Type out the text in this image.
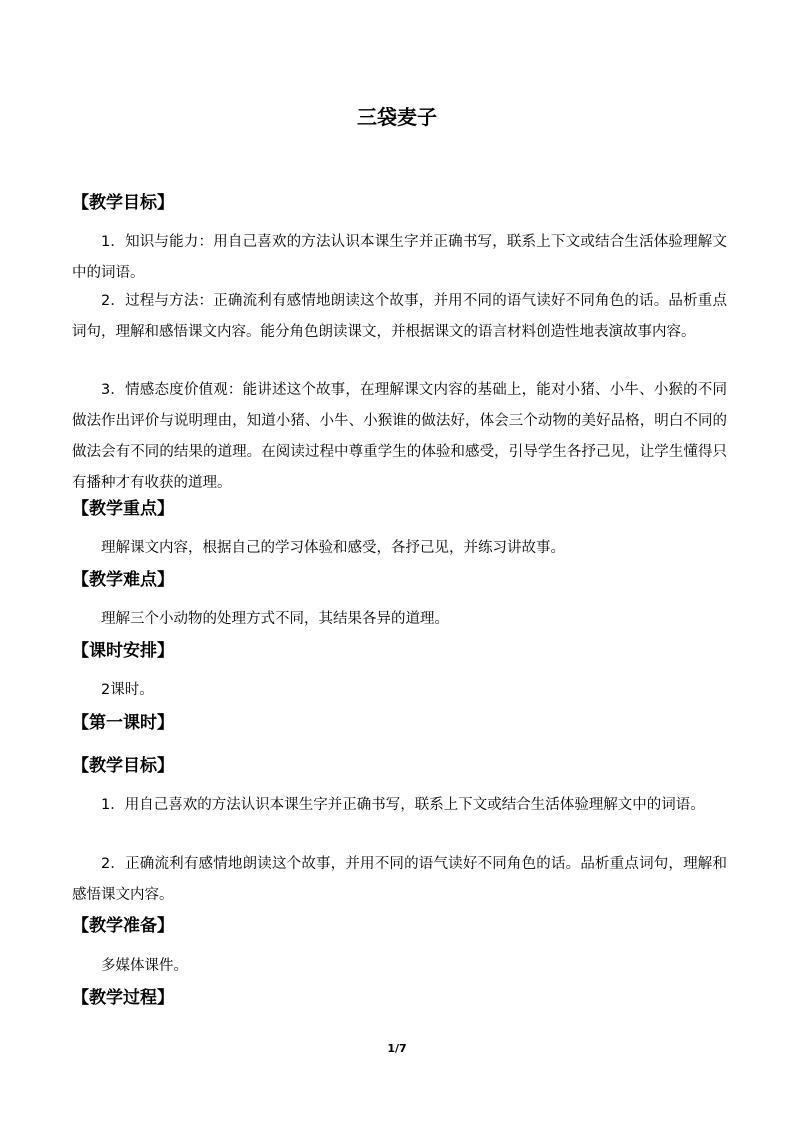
三袋麦子
【教学目标】
1．知识与能力：用自己喜欢的方法认识本课生字并正确书写，联系上下文或结合生活体验理解文中的词语。
2．过程与方法：正确流利有感情地朗读这个故事，并用不同的语气读好不同角色的话。品析重点词句，理解和感悟课文内容。能分角色朗读课文，并根据课文的语言材料创造性地表演故事内容。
3．情感态度价值观：能讲述这个故事，在理解课文内容的基础上，能对小猪、小牛、小猴的不同做法作出评价与说明理由，知道小猪、小牛、小猴谁的做法好，体会三个动物的美好品格，明白不同的做法会有不同的结果的道理。在阅读过程中尊重学生的体验和感受，引导学生各抒己见，让学生懂得只有播种才有收获的道理。
【教学重点】
理解课文内容，根据自己的学习体验和感受，各抒己见，并练习讲故事。
【教学难点】
理解三个小动物的处理方式不同，其结果各异的道理。
【课时安排】
2课时。
【第一课时】
【教学目标】
1．用自己喜欢的方法认识本课生字并正确书写，联系上下文或结合生活体验理解文中的词语。
2．正确流利有感情地朗读这个故事，并用不同的语气读好不同角色的话。品析重点词句，理解和感悟课文内容。
【教学准备】
多媒体课件。
【教学过程】
1/7
